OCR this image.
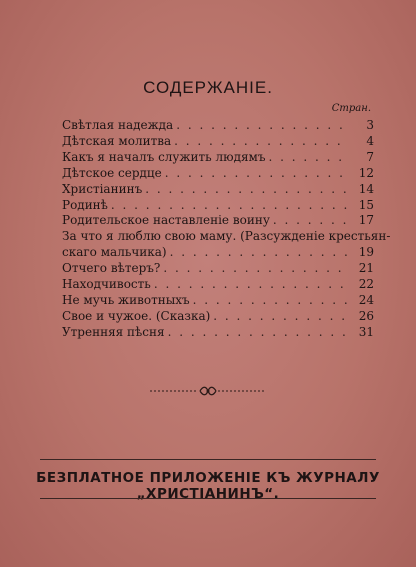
СОДЕРЖАНІЕ.
Стран.
Свѣтлая надежда . . .	3
Дѣтская молитва . . .	4
Какъ я началъ служить людямъ . . .	7
Дѣтское сердце . . .	12
Христіанинъ . . .	14
Родинѣ . . .	15
Родительское наставленіе воину . . .	17
За что я люблю свою маму. (Разсужденіе крестьян-
скаго мальчика) . . .	19
Отчего вѣтеръ? . . .	21
Находчивость . . .	22
Не мучь животныхъ . . .	24
Свое и чужое. (Сказка) . . .	26
Утренняя пѣсня . . .	31
БЕЗПЛАТНОЕ ПРИЛОЖЕНІЕ КЪ ЖУРНАЛУ „ХРИСТІАНИНЪ“.
